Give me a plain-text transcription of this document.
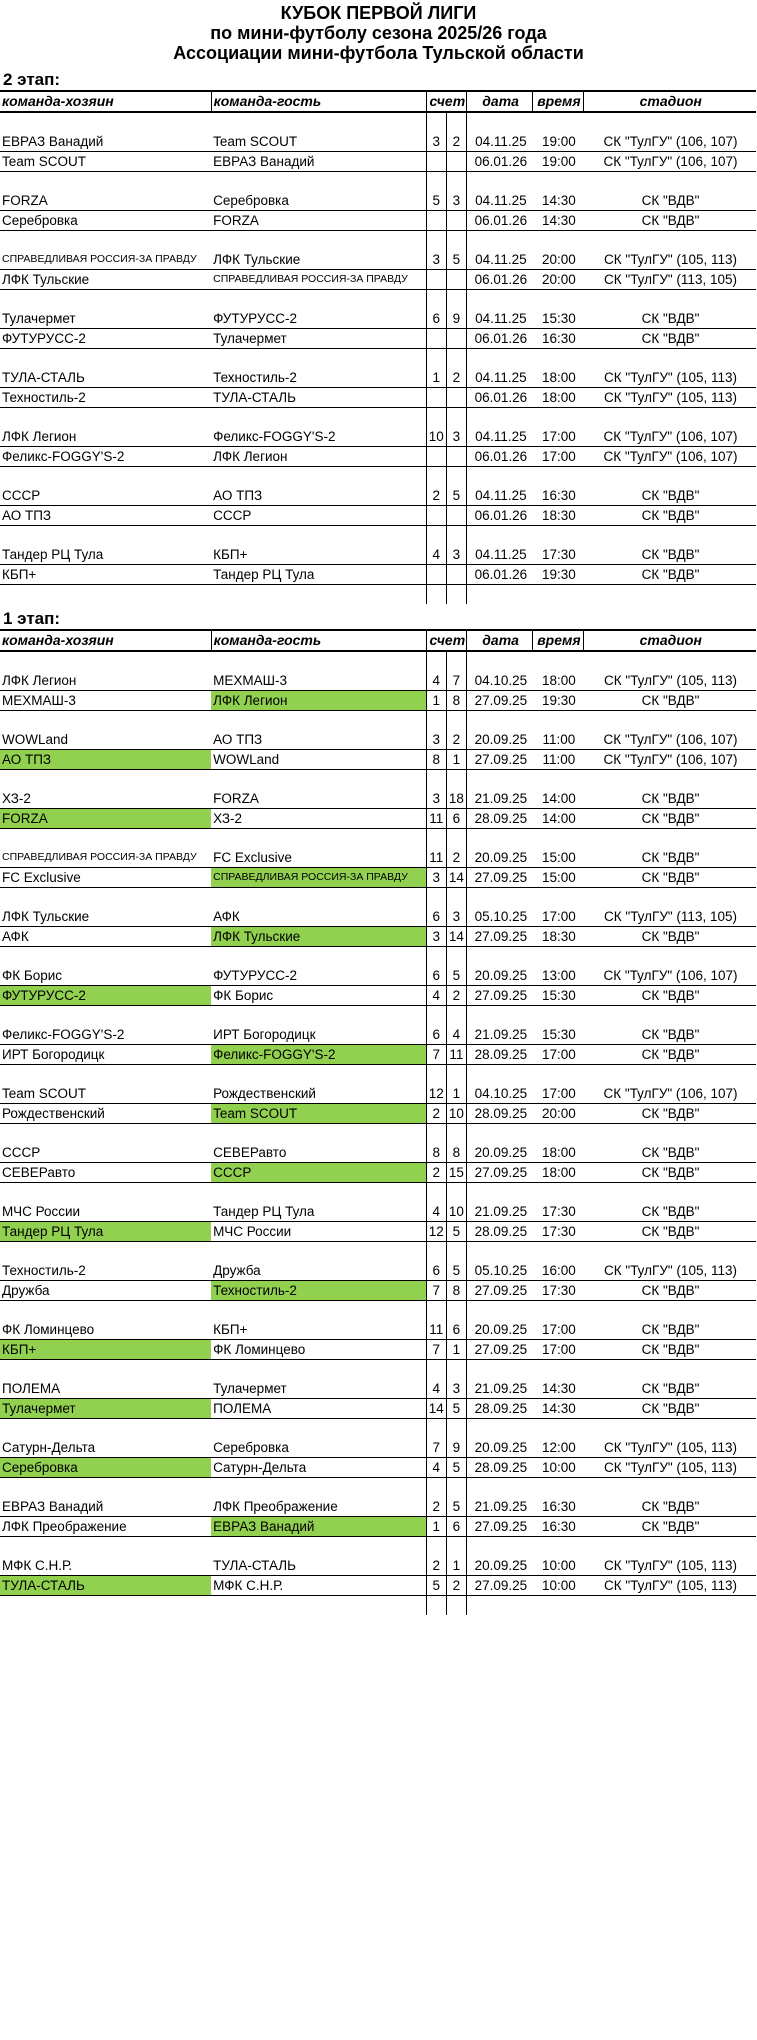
КУБОК ПЕРВОЙ ЛИГИ
по мини-футболу сезона 2025/26 года
Ассоциации мини-футбола Тульской области
2 этап:
команда-хозяин	команда-гость	счет		дата	время	стадион

ЕВРАЗ Ванадий	Team SCOUT	3	2	04.11.25	19:00	СК "ТулГУ" (106, 107)
Team SCOUT	ЕВРАЗ Ванадий			06.01.26	19:00	СК "ТулГУ" (106, 107)

FORZA	Серебровка	5	3	04.11.25	14:30	СК "ВДВ"
Серебровка	FORZA			06.01.26	14:30	СК "ВДВ"

СПРАВЕДЛИВАЯ РОССИЯ-ЗА ПРАВДУ	ЛФК Тульские	3	5	04.11.25	20:00	СК "ТулГУ" (105, 113)
ЛФК Тульские	СПРАВЕДЛИВАЯ РОССИЯ-ЗА ПРАВДУ			06.01.26	20:00	СК "ТулГУ" (113, 105)

Тулачермет	ФУТУРУСС-2	6	9	04.11.25	15:30	СК "ВДВ"
ФУТУРУСС-2	Тулачермет			06.01.26	16:30	СК "ВДВ"

ТУЛА-СТАЛЬ	Техностиль-2	1	2	04.11.25	18:00	СК "ТулГУ" (105, 113)
Техностиль-2	ТУЛА-СТАЛЬ			06.01.26	18:00	СК "ТулГУ" (105, 113)

ЛФК Легион	Феликс-FOGGY'S-2	10	3	04.11.25	17:00	СК "ТулГУ" (106, 107)
Феликс-FOGGY'S-2	ЛФК Легион			06.01.26	17:00	СК "ТулГУ" (106, 107)

СССР	АО ТПЗ	2	5	04.11.25	16:30	СК "ВДВ"
АО ТПЗ	СССР			06.01.26	18:30	СК "ВДВ"

Тандер РЦ Тула	КБП+	4	3	04.11.25	17:30	СК "ВДВ"
КБП+	Тандер РЦ Тула			06.01.26	19:30	СК "ВДВ"

1 этап:
команда-хозяин	команда-гость	счет		дата	время	стадион

ЛФК Легион	МЕХМАШ-3	4	7	04.10.25	18:00	СК "ТулГУ" (105, 113)
МЕХМАШ-3	ЛФК Легион	1	8	27.09.25	19:30	СК "ВДВ"

WOWLand	АО ТПЗ	3	2	20.09.25	11:00	СК "ТулГУ" (106, 107)
АО ТПЗ	WOWLand	8	1	27.09.25	11:00	СК "ТулГУ" (106, 107)

ХЗ-2	FORZA	3	18	21.09.25	14:00	СК "ВДВ"
FORZA	ХЗ-2	11	6	28.09.25	14:00	СК "ВДВ"

СПРАВЕДЛИВАЯ РОССИЯ-ЗА ПРАВДУ	FC Exclusive	11	2	20.09.25	15:00	СК "ВДВ"
FC Exclusive	СПРАВЕДЛИВАЯ РОССИЯ-ЗА ПРАВДУ	3	14	27.09.25	15:00	СК "ВДВ"

ЛФК Тульские	АФК	6	3	05.10.25	17:00	СК "ТулГУ" (113, 105)
АФК	ЛФК Тульские	3	14	27.09.25	18:30	СК "ВДВ"

ФК Борис	ФУТУРУСС-2	6	5	20.09.25	13:00	СК "ТулГУ" (106, 107)
ФУТУРУСС-2	ФК Борис	4	2	27.09.25	15:30	СК "ВДВ"

Феликс-FOGGY'S-2	ИРТ Богородицк	6	4	21.09.25	15:30	СК "ВДВ"
ИРТ Богородицк	Феликс-FOGGY'S-2	7	11	28.09.25	17:00	СК "ВДВ"

Team SCOUT	Рождественский	12	1	04.10.25	17:00	СК "ТулГУ" (106, 107)
Рождественский	Team SCOUT	2	10	28.09.25	20:00	СК "ВДВ"

СССР	СЕВЕРавто	8	8	20.09.25	18:00	СК "ВДВ"
СЕВЕРавто	СССР	2	15	27.09.25	18:00	СК "ВДВ"

МЧС России	Тандер РЦ Тула	4	10	21.09.25	17:30	СК "ВДВ"
Тандер РЦ Тула	МЧС России	12	5	28.09.25	17:30	СК "ВДВ"

Техностиль-2	Дружба	6	5	05.10.25	16:00	СК "ТулГУ" (105, 113)
Дружба	Техностиль-2	7	8	27.09.25	17:30	СК "ВДВ"

ФК Ломинцево	КБП+	11	6	20.09.25	17:00	СК "ВДВ"
КБП+	ФК Ломинцево	7	1	27.09.25	17:00	СК "ВДВ"

ПОЛЕМА	Тулачермет	4	3	21.09.25	14:30	СК "ВДВ"
Тулачермет	ПОЛЕМА	14	5	28.09.25	14:30	СК "ВДВ"

Сатурн-Дельта	Серебровка	7	9	20.09.25	12:00	СК "ТулГУ" (105, 113)
Серебровка	Сатурн-Дельта	4	5	28.09.25	10:00	СК "ТулГУ" (105, 113)

ЕВРАЗ Ванадий	ЛФК Преображение	2	5	21.09.25	16:30	СК "ВДВ"
ЛФК Преображение	ЕВРАЗ Ванадий	1	6	27.09.25	16:30	СК "ВДВ"

МФК С.Н.Р.	ТУЛА-СТАЛЬ	2	1	20.09.25	10:00	СК "ТулГУ" (105, 113)
ТУЛА-СТАЛЬ	МФК С.Н.Р.	5	2	27.09.25	10:00	СК "ТулГУ" (105, 113)
